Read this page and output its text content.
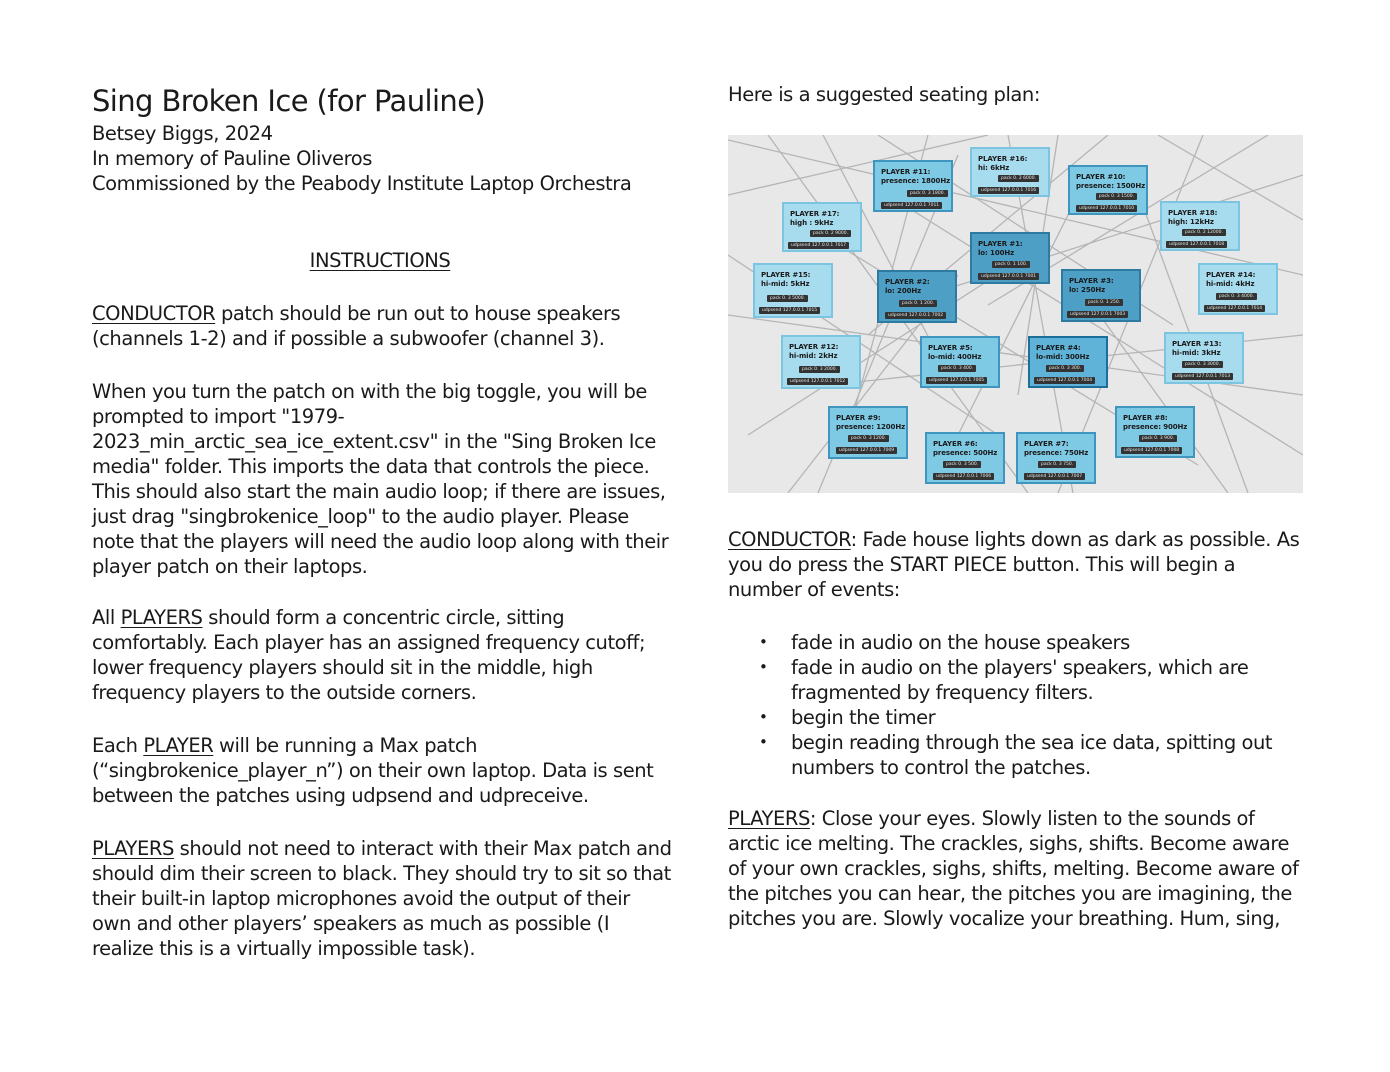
Sing Broken Ice (for Pauline)

Betsey Biggs, 2024

In memory of Pauline Oliveros

Commissioned by the Peabody Institute Laptop Orchestra

INSTRUCTIONS

CONDUCTOR patch should be run out to house speakers (channels 1-2) and if possible a subwoofer (channel 3).

When you turn the patch on with the big toggle, you will be prompted to import "1979-2023_min_arctic_sea_ice_extent.csv" in the "Sing Broken Ice media" folder. This imports the data that controls the piece. This should also start the main audio loop; if there are issues, just drag "singbrokenice_loop" to the audio player. Please note that the players will need the audio loop along with their player patch on their laptops.

All PLAYERS should form a concentric circle, sitting comfortably. Each player has an assigned frequency cutoff; lower frequency players should sit in the middle, high frequency players to the outside corners.

Each PLAYER will be running a Max patch (“singbrokenice_player_n”) on their own laptop. Data is sent between the patches using udpsend and udpreceive.

PLAYERS should not need to interact with their Max patch and should dim their screen to black. They should try to sit so that their built-in laptop microphones avoid the output of their own and other players’ speakers as much as possible (I realize this is a virtually impossible task).

Here is a suggested seating plan:

CONDUCTOR: Fade house lights down as dark as possible. As you do press the START PIECE button. This will begin a number of events:

• fade in audio on the house speakers
• fade in audio on the players' speakers, which are fragmented by frequency filters.
• begin the timer
• begin reading through the sea ice data, spitting out numbers to control the patches.

PLAYERS: Close your eyes. Slowly listen to the sounds of arctic ice melting. The crackles, sighs, shifts. Become aware of your own crackles, sighs, shifts, melting. Become aware of the pitches you can hear, the pitches you are imagining, the pitches you are. Slowly vocalize your breathing. Hum, sing,

PLAYER #11:
presence: 1800Hz
pack 0. 3 1800.
udpsend 127.0.0.1 7011
PLAYER #16:
hi: 6kHz
pack 0. 2 6000.
udpsend 127.0.0.1 7016
PLAYER #10:
presence: 1500Hz
pack 0. 3 1500.
udpsend 127.0.0.1 7010
PLAYER #17:
high : 9kHz
pack 0. 2 9000.
udpsend 127.0.0.1 7017
PLAYER #18:
high: 12kHz
pack 0. 2 12000.
udpsend 127.0.0.1 7018
PLAYER #1:
lo: 100Hz
pack 0. 1 100.
udpsend 127.0.0.1 7001
PLAYER #15:
hi-mid: 5kHz
pack 0. 3 5000.
udpsend 127.0.0.1 7015
PLAYER #2:
lo: 200Hz
pack 0. 1 200.
udpsend 127.0.0.1 7002
PLAYER #3:
lo: 250Hz
pack 0. 1 250.
udpsend 127.0.0.1 7003
PLAYER #14:
hi-mid: 4kHz
pack 0. 3 4000.
udpsend 127.0.0.1 7014
PLAYER #12:
hi-mid: 2kHz
pack 0. 3 2000.
udpsend 127.0.0.1 7012
PLAYER #5:
lo-mid: 400Hz
pack 0. 3 400.
udpsend 127.0.0.1 7005
PLAYER #4:
lo-mid: 300Hz
pack 0. 3 300.
udpsend 127.0.0.1 7004
PLAYER #13:
hi-mid: 3kHz
pack 0. 3 3000.
udpsend 127.0.0.1 7013
PLAYER #9:
presence: 1200Hz
pack 0. 3 1200.
udpsend 127.0.0.1 7009
PLAYER #8:
presence: 900Hz
pack 0. 3 900.
udpsend 127.0.0.1 7008
PLAYER #6:
presence: 500Hz
pack 0. 3 500.
udpsend 127.0.0.1 7006
PLAYER #7:
presence: 750Hz
pack 0. 3 750.
udpsend 127.0.0.1 7007
